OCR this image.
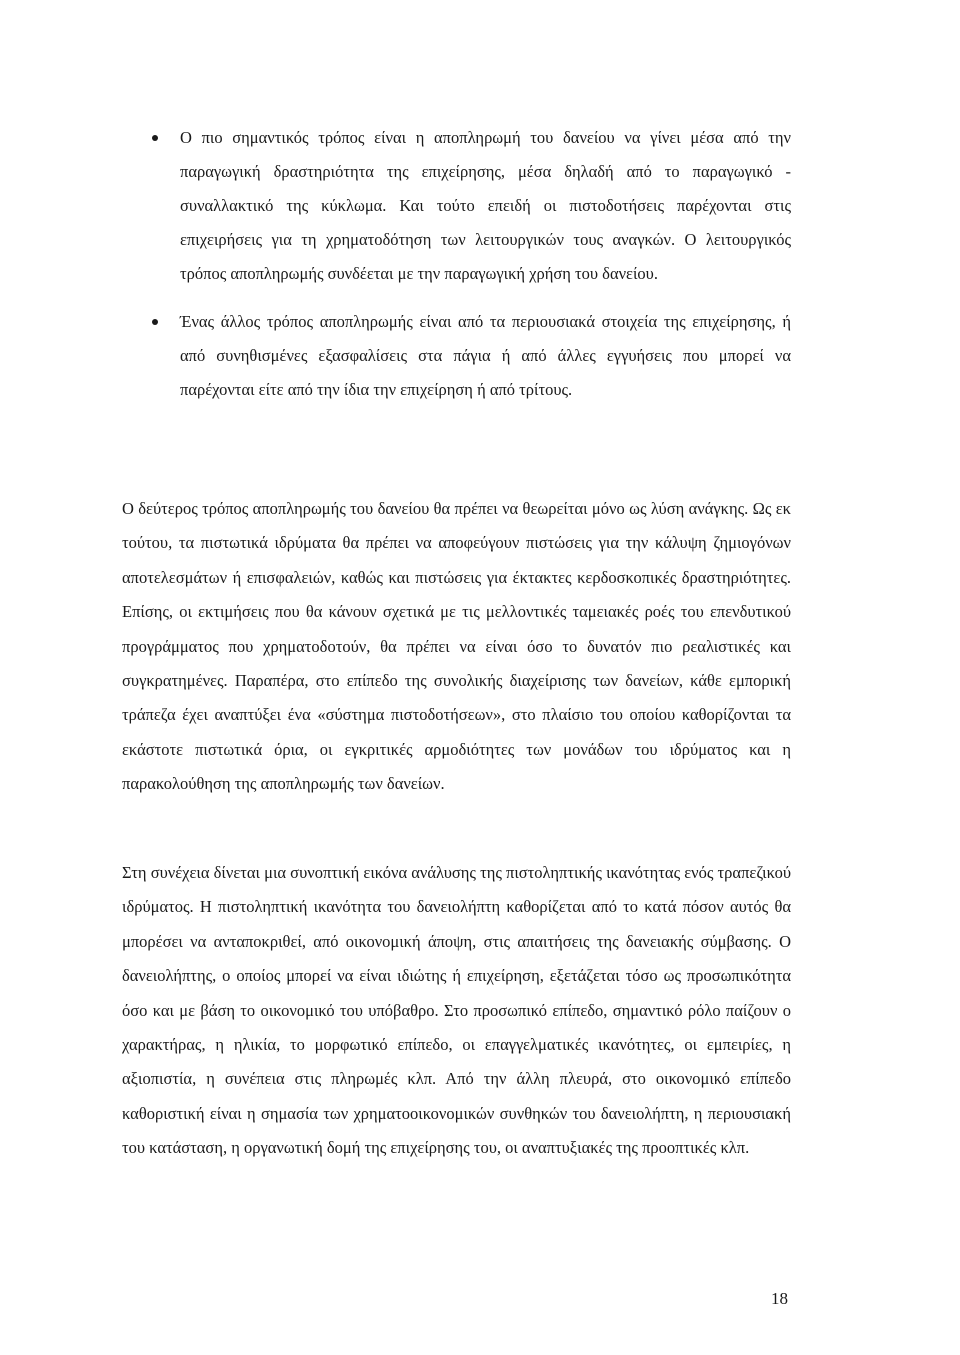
Ο πιο σημαντικός τρόπος είναι η αποπληρωμή του δανείου να γίνει μέσα από την παραγωγική δραστηριότητα της επιχείρησης, μέσα δηλαδή από το παραγωγικό - συναλλακτικό της κύκλωμα. Και τούτο επειδή οι πιστοδοτήσεις παρέχονται στις επιχειρήσεις για τη χρηματοδότηση των λειτουργικών τους αναγκών. Ο λειτουργικός τρόπος αποπληρωμής συνδέεται με την παραγωγική χρήση του δανείου.
Ένας άλλος τρόπος αποπληρωμής είναι από τα περιουσιακά στοιχεία της επιχείρησης, ή από συνηθισμένες εξασφαλίσεις στα πάγια ή από άλλες εγγυήσεις που μπορεί να παρέχονται είτε από την ίδια την επιχείρηση ή από τρίτους.

Ο δεύτερος τρόπος αποπληρωμής του δανείου θα πρέπει να θεωρείται μόνο ως λύση ανάγκης. Ως εκ τούτου, τα πιστωτικά ιδρύματα θα πρέπει να αποφεύγουν πιστώσεις για την κάλυψη ζημιογόνων αποτελεσμάτων ή επισφαλειών, καθώς και πιστώσεις για έκτακτες κερδοσκοπικές δραστηριότητες. Επίσης, οι εκτιμήσεις που θα κάνουν σχετικά με τις μελλοντικές ταμειακές ροές του επενδυτικού προγράμματος που χρηματοδοτούν, θα πρέπει να είναι όσο το δυνατόν πιο ρεαλιστικές και συγκρατημένες. Παραπέρα, στο επίπεδο της συνολικής διαχείρισης των δανείων, κάθε εμπορική τράπεζα έχει αναπτύξει ένα «σύστημα πιστοδοτήσεων», στο πλαίσιο του οποίου καθορίζονται τα εκάστοτε πιστωτικά όρια, οι εγκριτικές αρμοδιότητες των μονάδων του ιδρύματος και η παρακολούθηση της αποπληρωμής των δανείων.

Στη συνέχεια δίνεται μια συνοπτική εικόνα ανάλυσης της πιστοληπτικής ικανότητας ενός τραπεζικού ιδρύματος. Η πιστοληπτική ικανότητα του δανειολήπτη καθορίζεται από το κατά πόσον αυτός θα μπορέσει να ανταποκριθεί, από οικονομική άποψη, στις απαιτήσεις της δανειακής σύμβασης. Ο δανειολήπτης, ο οποίος μπορεί να είναι ιδιώτης ή επιχείρηση, εξετάζεται τόσο ως προσωπικότητα όσο και με βάση το οικονομικό του υπόβαθρο. Στο προσωπικό επίπεδο, σημαντικό ρόλο παίζουν ο χαρακτήρας, η ηλικία, το μορφωτικό επίπεδο, οι επαγγελματικές ικανότητες, οι εμπειρίες, η αξιοπιστία, η συνέπεια στις πληρωμές κλπ. Από την άλλη πλευρά, στο οικονομικό επίπεδο καθοριστική είναι η σημασία των χρηματοοικονομικών συνθηκών του δανειολήπτη, η περιουσιακή του κατάσταση, η οργανωτική δομή της επιχείρησης του, οι αναπτυξιακές της προοπτικές κλπ.

18
